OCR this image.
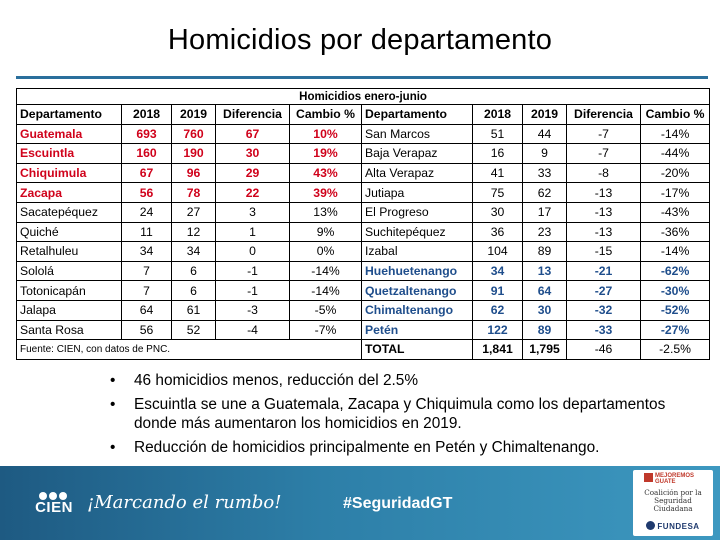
Homicidios por departamento
Homicidios enero-junio									
Departamento	2018	2019	Diferencia	Cambio %	Departamento	2018	2019	Diferencia	Cambio %
Guatemala	693	760	67	10%	San Marcos	51	44	-7	-14%
Escuintla	160	190	30	19%	Baja Verapaz	16	9	-7	-44%
Chiquimula	67	96	29	43%	Alta Verapaz	41	33	-8	-20%
Zacapa	56	78	22	39%	Jutiapa	75	62	-13	-17%
Sacatepéquez	24	27	3	13%	El Progreso	30	17	-13	-43%
Quiché	11	12	1	9%	Suchitepéquez	36	23	-13	-36%
Retalhuleu	34	34	0	0%	Izabal	104	89	-15	-14%
Sololá	7	6	-1	-14%	Huehuetenango	34	13	-21	-62%
Totonicapán	7	6	-1	-14%	Quetzaltenango	91	64	-27	-30%
Jalapa	64	61	-3	-5%	Chimaltenango	62	30	-32	-52%
Santa Rosa	56	52	-4	-7%	Petén	122	89	-33	-27%
Fuente: CIEN, con datos de PNC.					TOTAL	1,841	1,795	-46	-2.5%
• 46 homicidios menos, reducción del 2.5%
• Escuintla se une a Guatemala, Zacapa y Chiquimula como los departamentos donde más aumentaron los homicidios en 2019.
• Reducción de homicidios principalmente en Petén y Chimaltenango.
CIEN ¡Marcando el rumbo!	#SeguridadGT
MEJOREMOS GUATE
Coalición por la Seguridad Ciudadana
FUNDESA
